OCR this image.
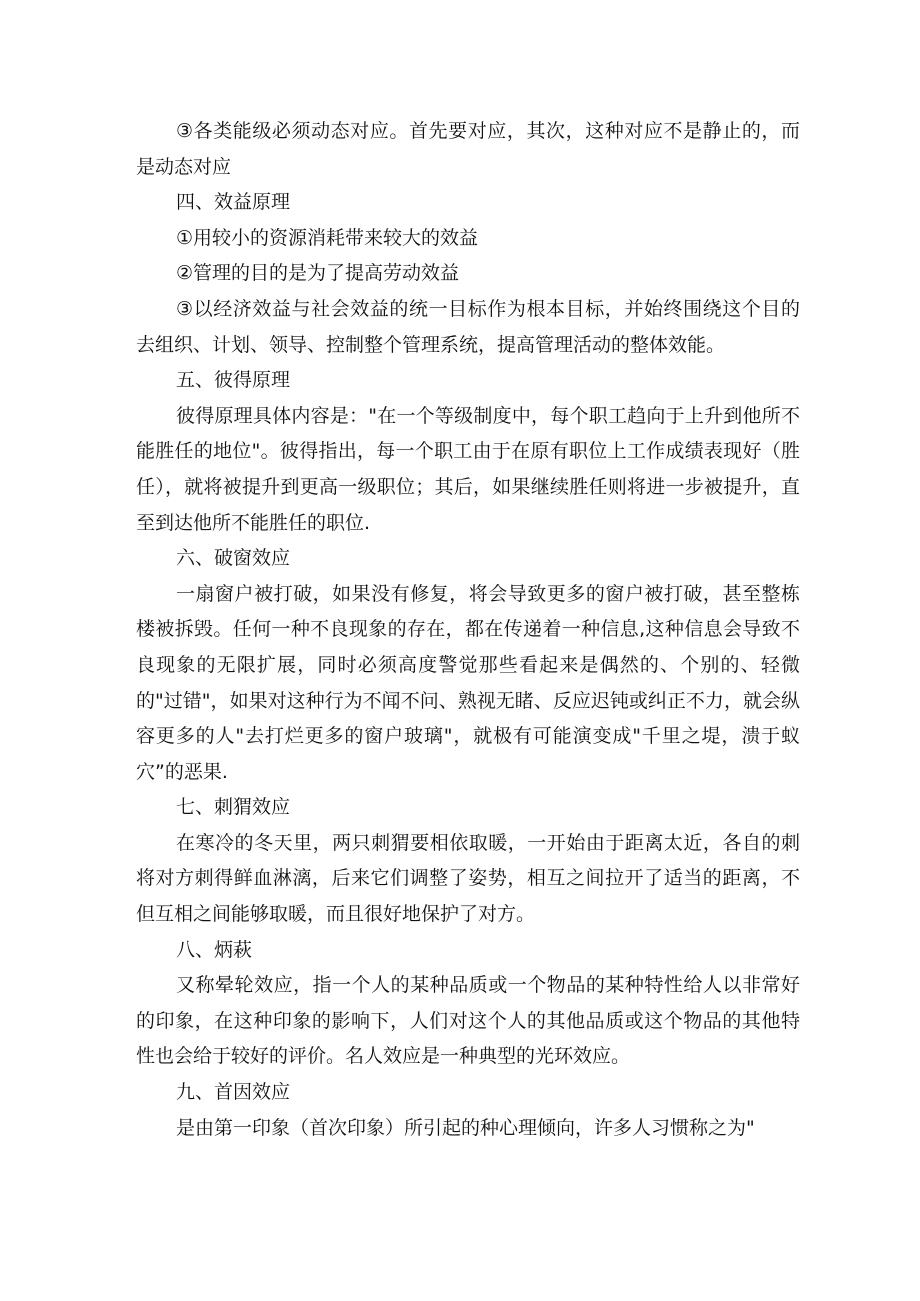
③各类能级必须动态对应。首先要对应，其次，这种对应不是静止的，而是动态对应

四、效益原理

①用较小的资源消耗带来较大的效益

②管理的目的是为了提高劳动效益

③以经济效益与社会效益的统一目标作为根本目标，并始终围绕这个目的去组织、计划、领导、控制整个管理系统，提高管理活动的整体效能。

五、彼得原理

彼得原理具体内容是："在一个等级制度中，每个职工趋向于上升到他所不能胜任的地位"。彼得指出，每一个职工由于在原有职位上工作成绩表现好（胜任），就将被提升到更高一级职位；其后，如果继续胜任则将进一步被提升，直至到达他所不能胜任的职位.

六、破窗效应

一扇窗户被打破，如果没有修复，将会导致更多的窗户被打破，甚至整栋楼被拆毁。任何一种不良现象的存在，都在传递着一种信息,这种信息会导致不良现象的无限扩展，同时必须高度警觉那些看起来是偶然的、个别的、轻微的"过错"，如果对这种行为不闻不问、熟视无睹、反应迟钝或纠正不力，就会纵容更多的人"去打烂更多的窗户玻璃"，就极有可能演变成"千里之堤，溃于蚁穴”的恶果.

七、刺猬效应

在寒冷的冬天里，两只刺猬要相依取暖，一开始由于距离太近，各自的刺将对方刺得鲜血淋漓，后来它们调整了姿势，相互之间拉开了适当的距离，不但互相之间能够取暖，而且很好地保护了对方。

八、炳萩

又称晕轮效应，指一个人的某种品质或一个物品的某种特性给人以非常好的印象，在这种印象的影响下，人们对这个人的其他品质或这个物品的其他特性也会给于较好的评价。名人效应是一种典型的光环效应。

九、首因效应

是由第一印象（首次印象）所引起的种心理倾向，许多人习惯称之为"
